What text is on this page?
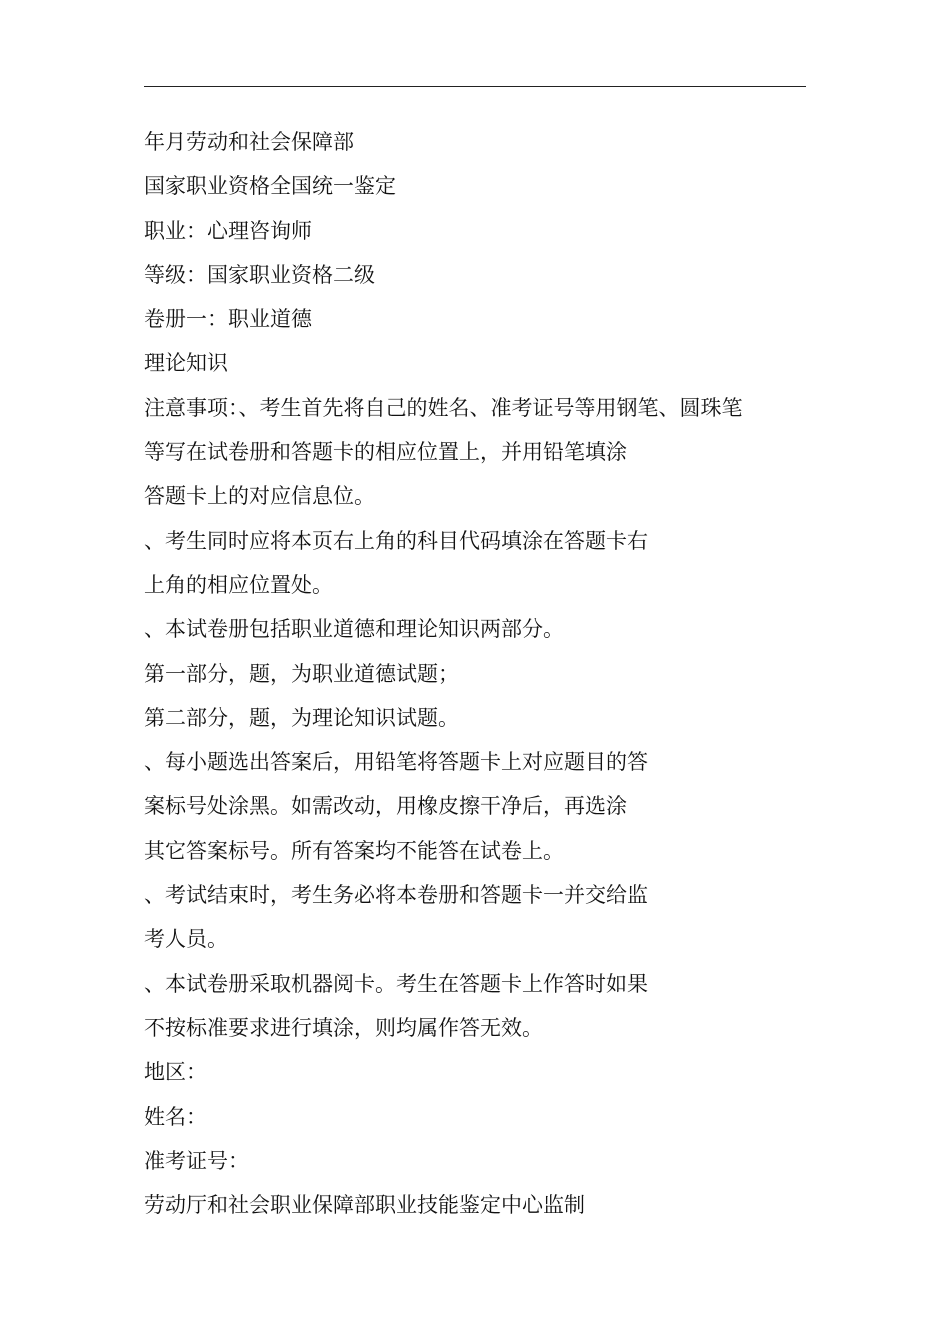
年月劳动和社会保障部
国家职业资格全国统一鉴定
职业：心理咨询师
等级：国家职业资格二级
卷册一：职业道德
理论知识
注意事项：、考生首先将自己的姓名、准考证号等用钢笔、圆珠笔
等写在试卷册和答题卡的相应位置上，并用铅笔填涂
答题卡上的对应信息位。
、考生同时应将本页右上角的科目代码填涂在答题卡右
上角的相应位置处。
、本试卷册包括职业道德和理论知识两部分。
第一部分，题，为职业道德试题；
第二部分，题，为理论知识试题。
、每小题选出答案后，用铅笔将答题卡上对应题目的答
案标号处涂黑。如需改动，用橡皮擦干净后，再选涂
其它答案标号。所有答案均不能答在试卷上。
、考试结束时，考生务必将本卷册和答题卡一并交给监
考人员。
、本试卷册采取机器阅卡。考生在答题卡上作答时如果
不按标准要求进行填涂，则均属作答无效。
地区：
姓名：
准考证号：
劳动厅和社会职业保障部职业技能鉴定中心监制
